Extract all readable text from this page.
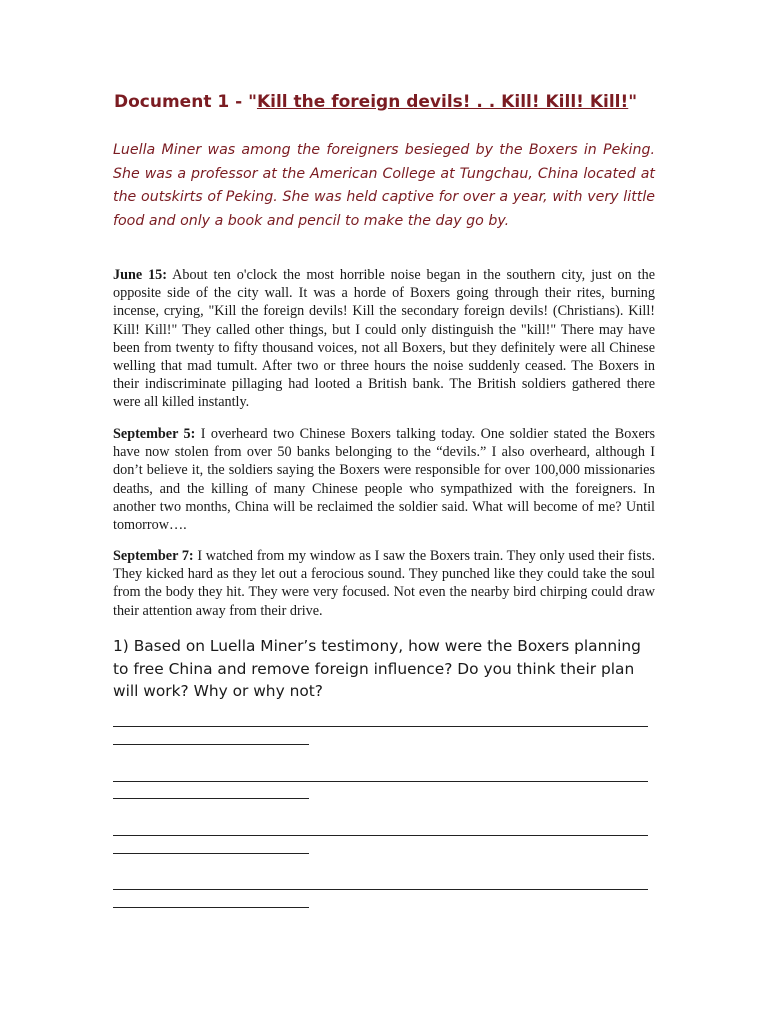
Document 1 - "Kill the foreign devils! . . Kill! Kill! Kill!"

Luella Miner was among the foreigners besieged by the Boxers in Peking. She was a professor at the American College at Tungchau, China located at the outskirts of Peking. She was held captive for over a year, with very little food and only a book and pencil to make the day go by.

June 15: About ten o'clock the most horrible noise began in the southern city, just on the opposite side of the city wall. It was a horde of Boxers going through their rites, burning incense, crying, "Kill the foreign devils! Kill the secondary foreign devils! (Christians). Kill! Kill! Kill!" They called other things, but I could only distinguish the "kill!" There may have been from twenty to fifty thousand voices, not all Boxers, but they definitely were all Chinese welling that mad tumult. After two or three hours the noise suddenly ceased. The Boxers in their indiscriminate pillaging had looted a British bank. The British soldiers gathered there were all killed instantly.

September 5: I overheard two Chinese Boxers talking today. One soldier stated the Boxers have now stolen from over 50 banks belonging to the “devils.” I also overheard, although I don’t believe it, the soldiers saying the Boxers were responsible for over 100,000 missionaries deaths, and the killing of many Chinese people who sympathized with the foreigners. In another two months, China will be reclaimed the soldier said. What will become of me? Until tomorrow….

September 7: I watched from my window as I saw the Boxers train. They only used their fists. They kicked hard as they let out a ferocious sound. They punched like they could take the soul from the body they hit. They were very focused. Not even the nearby bird chirping could draw their attention away from their drive.

1) Based on Luella Miner’s testimony, how were the Boxers planning to free China and remove foreign influence? Do you think their plan will work? Why or why not?
